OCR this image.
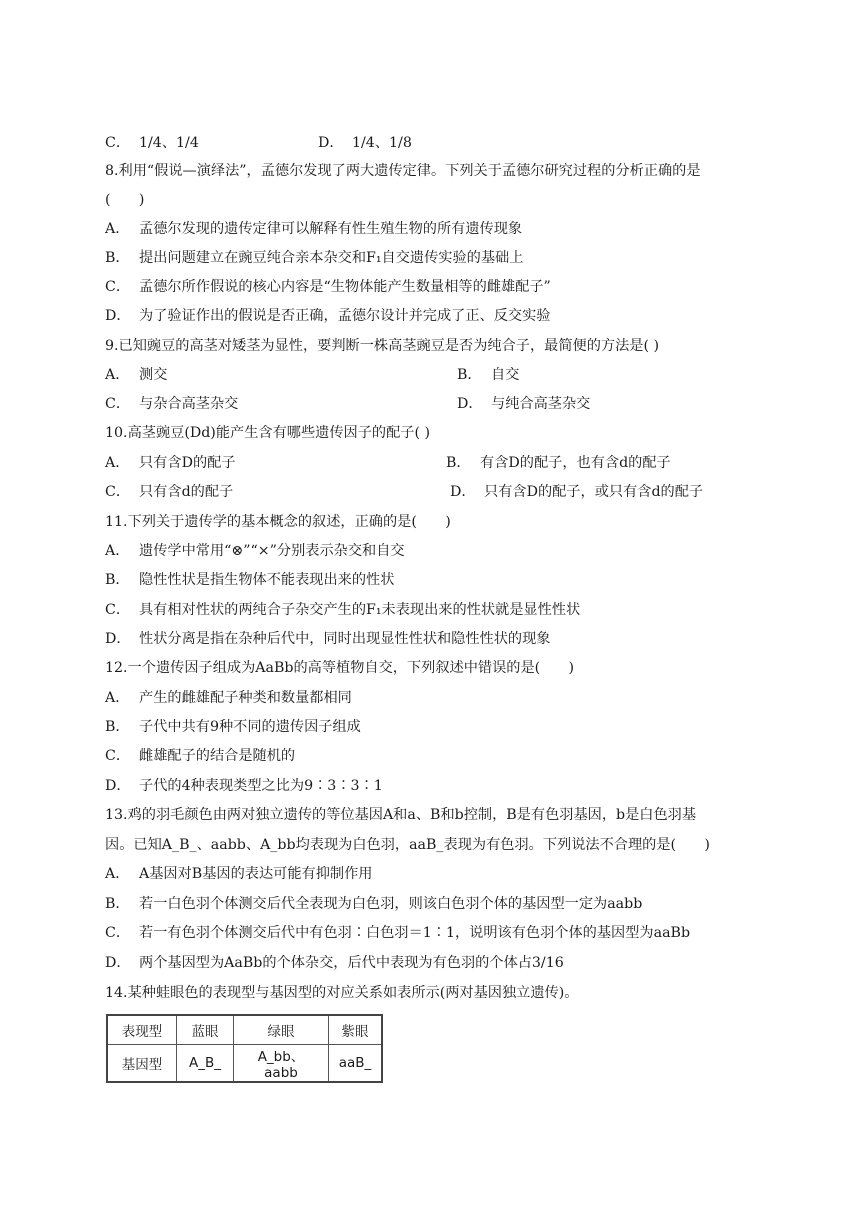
C． 1/4、1/4	D． 1/4、1/8
8.利用“假说—演绎法”，孟德尔发现了两大遗传定律。下列关于孟德尔研究过程的分析正确的是
(　　)
A． 孟德尔发现的遗传定律可以解释有性生殖生物的所有遗传现象
B． 提出问题建立在豌豆纯合亲本杂交和F₁自交遗传实验的基础上
C． 孟德尔所作假说的核心内容是“生物体能产生数量相等的雌雄配子”
D． 为了验证作出的假说是否正确，孟德尔设计并完成了正、反交实验
9.已知豌豆的高茎对矮茎为显性，要判断一株高茎豌豆是否为纯合子，最简便的方法是( )
A． 测交	B． 自交
C． 与杂合高茎杂交	D． 与纯合高茎杂交
10.高茎豌豆(Dd)能产生含有哪些遗传因子的配子( )
A． 只有含D的配子	B． 有含D的配子，也有含d的配子
C． 只有含d的配子	D． 只有含D的配子，或只有含d的配子
11.下列关于遗传学的基本概念的叙述，正确的是(　　)
A． 遗传学中常用“⊗”“×”分别表示杂交和自交
B． 隐性性状是指生物体不能表现出来的性状
C． 具有相对性状的两纯合子杂交产生的F₁未表现出来的性状就是显性性状
D． 性状分离是指在杂种后代中，同时出现显性性状和隐性性状的现象
12.一个遗传因子组成为AaBb的高等植物自交，下列叙述中错误的是(　　)
A． 产生的雌雄配子种类和数量都相同
B． 子代中共有9种不同的遗传因子组成
C． 雌雄配子的结合是随机的
D． 子代的4种表现类型之比为9∶3∶3∶1
13.鸡的羽毛颜色由两对独立遗传的等位基因A和a、B和b控制，B是有色羽基因，b是白色羽基
因。已知A_B_、aabb、A_bb均表现为白色羽，aaB_表现为有色羽。下列说法不合理的是(　　)
A． A基因对B基因的表达可能有抑制作用
B． 若一白色羽个体测交后代全表现为白色羽，则该白色羽个体的基因型一定为aabb
C． 若一有色羽个体测交后代中有色羽∶白色羽＝1∶1，说明该有色羽个体的基因型为aaBb
D． 两个基因型为AaBb的个体杂交，后代中表现为有色羽的个体占3/16
14.某种蛙眼色的表现型与基因型的对应关系如表所示(两对基因独立遗传)。
表现型	蓝眼	绿眼	紫眼
基因型	A_B_	A_bb、aabb	aaB_
